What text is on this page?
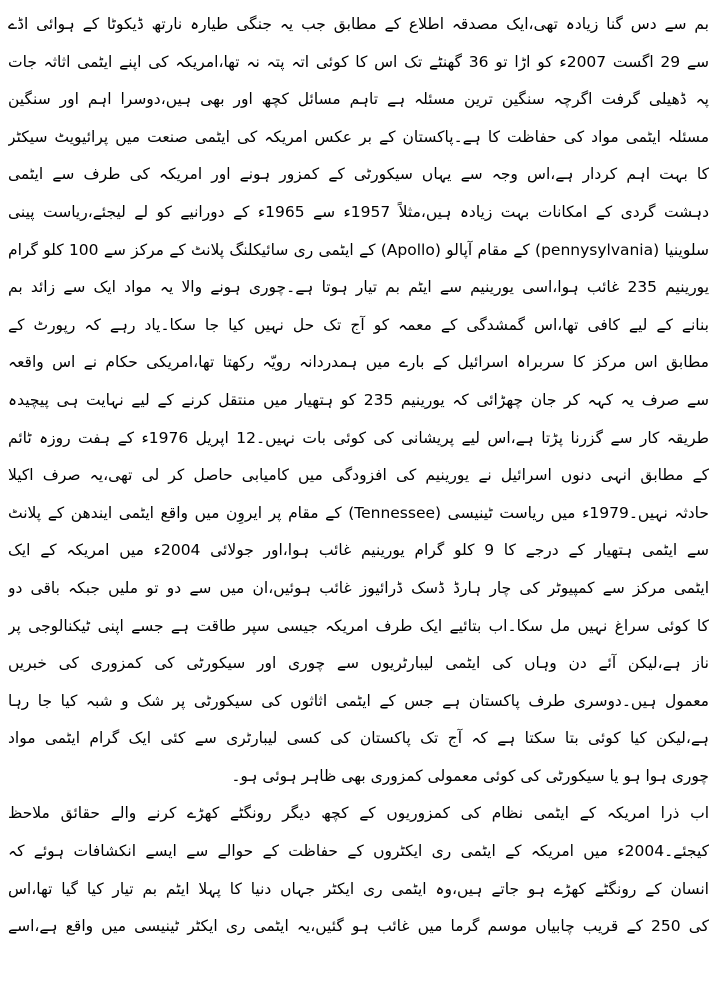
بم سے دس گنا زیادہ تھی،ایک مصدقہ اطلاع کے مطابق جب یہ جنگی طیارہ نارتھ ڈیکوٹا کے ہوائی اڈے
سے 29 اگست 2007ء کو اڑا تو 36 گھنٹے تک اس کا کوئی اتہ پتہ نہ تھا،امریکہ کی اپنے ایٹمی اثاثہ جات
پہ ڈھیلی گرفت اگرچہ سنگین ترین مسئلہ ہے تاہم مسائل کچھ اور بھی ہیں،دوسرا اہم اور سنگین
مسئلہ ایٹمی مواد کی حفاظت کا ہے۔پاکستان کے بر عکس امریکہ کی ایٹمی صنعت میں پرائیویٹ سیکٹر
کا بہت اہم کردار ہے،اس وجہ سے یہاں سیکورٹی کے کمزور ہونے اور امریکہ کی طرف سے ایٹمی
دہشت گردی کے امکانات بہت زیادہ ہیں،مثلاً 1957ء سے 1965ء کے دورانیے کو لے لیجئے،ریاست پینی
سلوینیا (pennysylvania) کے مقام آپالو (Apollo) کے ایٹمی ری سائیکلنگ پلانٹ کے مرکز سے 100 کلو گرام
یورینیم 235 غائب ہوا،اسی یورینیم سے ایٹم بم تیار ہوتا ہے۔چوری ہونے والا یہ مواد ایک سے زائد بم
بنانے کے لیے کافی تھا،اس گمشدگی کے معمہ کو آج تک حل نہیں کیا جا سکا۔یاد رہے کہ رپورٹ کے
مطابق اس مرکز کا سربراہ اسرائیل کے بارے میں ہمدردانہ رویّہ رکھتا تھا،امریکی حکام نے اس واقعہ
سے صرف یہ کہہ کر جان چھڑائی کہ یورینیم 235 کو ہتھیار میں منتقل کرنے کے لیے نہایت ہی پیچیدہ
طریقہ کار سے گزرنا پڑتا ہے،اس لیے پریشانی کی کوئی بات نہیں۔12 اپریل 1976ء کے ہفت روزہ ٹائم
کے مطابق انہی دنوں اسرائیل نے یورینیم کی افزودگی میں کامیابی حاصل کر لی تھی،یہ صرف اکیلا
حادثہ نہیں۔1979ء میں ریاست ٹینیسی (Tennessee) کے مقام پر ایروِن میں واقع ایٹمی ایندھن کے پلانٹ
سے ایٹمی ہتھیار کے درجے کا 9 کلو گرام یورینیم غائب ہوا،اور جولائی 2004ء میں امریکہ کے ایک
ایٹمی مرکز سے کمپیوٹر کی چار ہارڈ ڈسک ڈرائیوز غائب ہوئیں،ان میں سے دو تو ملیں جبکہ باقی دو
کا کوئی سراغ نہیں مل سکا۔اب بتائیے ایک طرف امریکہ جیسی سپر طاقت ہے جسے اپنی ٹیکنالوجی پر
ناز ہے،لیکن آئے دن وہاں کی ایٹمی لیبارٹریوں سے چوری اور سیکورٹی کی کمزوری کی خبریں
معمول ہیں۔دوسری طرف پاکستان ہے جس کے ایٹمی اثاثوں کی سیکورٹی پر شک و شبہ کیا جا رہا
ہے،لیکن کیا کوئی بتا سکتا ہے کہ آج تک پاکستان کی کسی لیبارٹری سے کئی ایک گرام ایٹمی مواد
چوری ہوا ہو یا سیکورٹی کی کوئی معمولی کمزوری بھی ظاہر ہوئی ہو۔
اب ذرا امریکہ کے ایٹمی نظام کی کمزوریوں کے کچھ دیگر رونگٹے کھڑے کرنے والے حقائق ملاحظ
کیجئے۔2004ء میں امریکہ کے ایٹمی ری ایکٹروں کے حفاظت کے حوالے سے ایسے انکشافات ہوئے کہ
انسان کے رونگٹے کھڑے ہو جاتے ہیں،وہ ایٹمی ری ایکٹر جہاں دنیا کا پہلا ایٹم بم تیار کیا گیا تھا،اس
کی 250 کے قریب چابیاں موسم گرما میں غائب ہو گئیں،یہ ایٹمی ری ایکٹر ٹینیسی میں واقع ہے،اسے
